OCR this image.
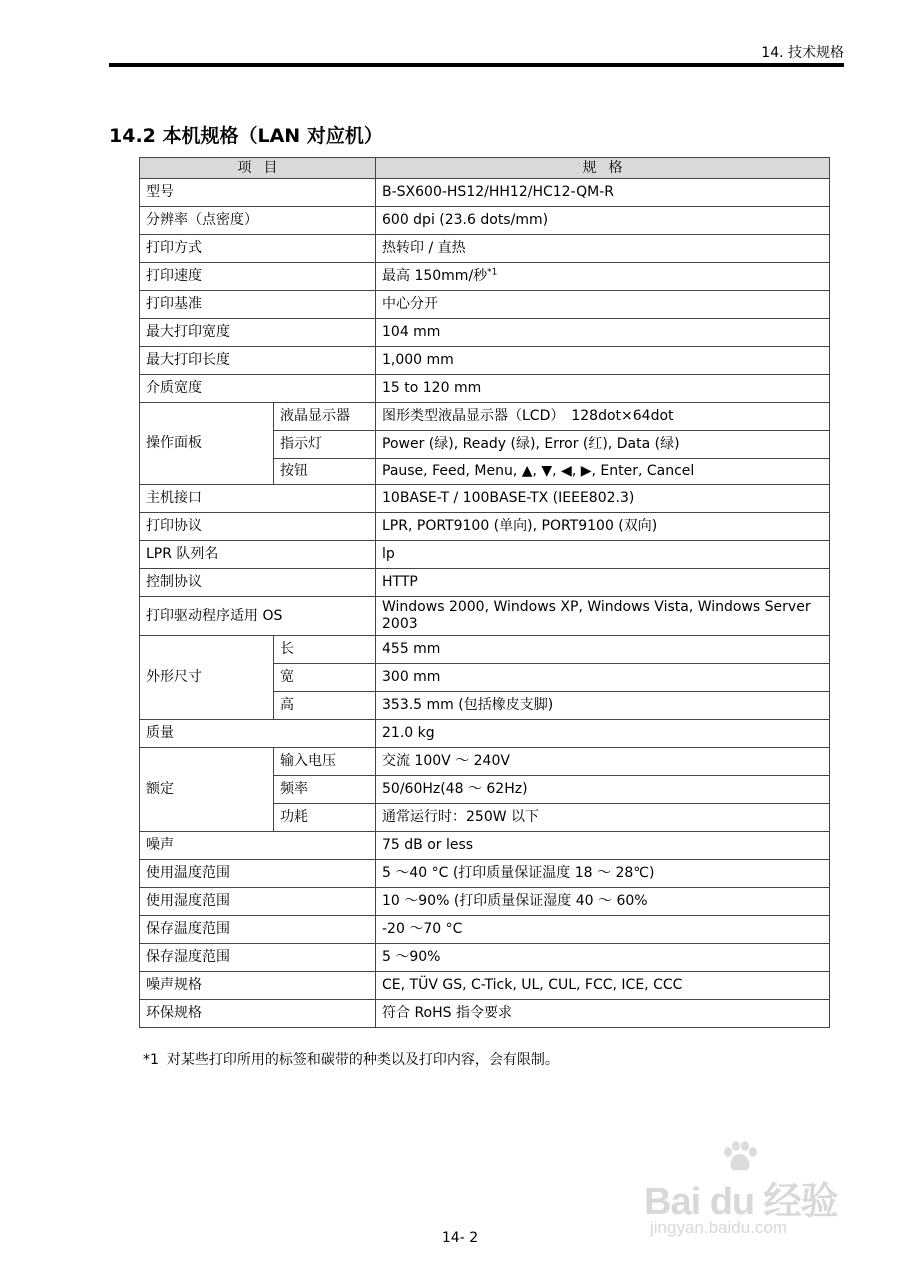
14. 技术规格
14.2 本机规格（LAN 对应机）
项目		规格
型号		B-SX600-HS12/HH12/HC12-QM-R
分辨率（点密度）		600 dpi (23.6 dots/mm)
打印方式		热转印 / 直热
打印速度		最高 150mm/秒$^{*1}$
打印基准		中心分开
最大打印宽度		104 mm
最大打印长度		1,000 mm
介质宽度		15 to 120 mm
操作面板	液晶显示器	图形类型液晶显示器（LCD）　128dot×64dot
	指示灯	Power (绿), Ready (绿), Error (红), Data (绿)
	按钮	Pause, Feed, Menu, ▲, ▼, ◀, ▶, Enter, Cancel
主机接口		10BASE-T / 100BASE-TX (IEEE802.3)
打印协议		LPR, PORT9100 (单向), PORT9100 (双向)
LPR 队列名		lp
控制协议		HTTP
打印驱动程序适用 OS		Windows 2000, Windows XP, Windows Vista, Windows Server 2003
外形尺寸	长	455 mm
	宽	300 mm
	高	353.5 mm (包括橡皮支脚)
质量		21.0 kg
额定	输入电压	交流 100V ～ 240V
	频率	50/60Hz(48 ～ 62Hz)
	功耗	通常运行时：250W 以下
噪声		75 dB or less
使用温度范围		5 ～40 °C (打印质量保证温度 18 ～ 28℃)
使用湿度范围		10 ～90% (打印质量保证湿度 40 ～ 60%
保存温度范围		-20 ～70 °C
保存湿度范围		5 ～90%
噪声规格		CE, TÜV GS, C-Tick, UL, CUL, FCC, ICE, CCC
环保规格		符合 RoHS 指令要求
*1 对某些打印所用的标签和碳带的种类以及打印内容，会有限制。
14- 2
Bai du 经验
jingyan.baidu.com
